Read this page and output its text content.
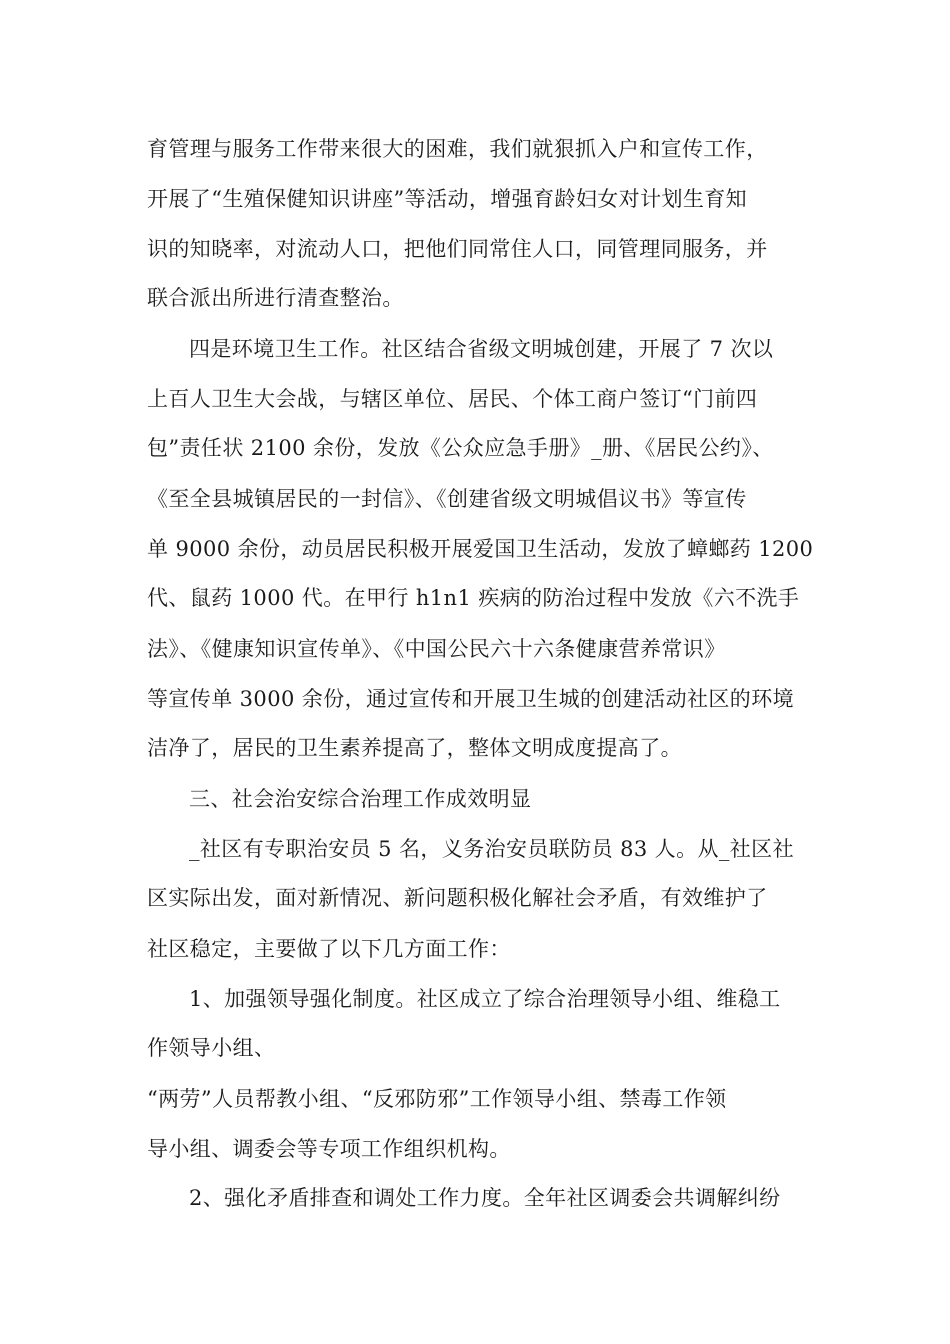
育管理与服务工作带来很大的困难，我们就狠抓入户和宣传工作，
开展了“生殖保健知识讲座”等活动，增强育龄妇女对计划生育知
识的知晓率，对流动人口，把他们同常住人口，同管理同服务，并
联合派出所进行清查整治。
四是环境卫生工作。社区结合省级文明城创建，开展了 7 次以
上百人卫生大会战，与辖区单位、居民、个体工商户签订“门前四
包”责任状 2100 余份，发放《公众应急手册》_册、《居民公约》、
《至全县城镇居民的一封信》、《创建省级文明城倡议书》等宣传
单 9000 余份，动员居民积极开展爱国卫生活动，发放了蟑螂药 1200
代、鼠药 1000 代。在甲行 h1n1 疾病的防治过程中发放《六不洗手
法》、《健康知识宣传单》、《中国公民六十六条健康营养常识》
等宣传单 3000 余份，通过宣传和开展卫生城的创建活动社区的环境
洁净了，居民的卫生素养提高了，整体文明成度提高了。
三、社会治安综合治理工作成效明显
_社区有专职治安员 5 名，义务治安员联防员 83 人。从_社区社
区实际出发，面对新情况、新问题积极化解社会矛盾，有效维护了
社区稳定，主要做了以下几方面工作：
1、加强领导强化制度。社区成立了综合治理领导小组、维稳工
作领导小组、
“两劳”人员帮教小组、“反邪防邪”工作领导小组、禁毒工作领
导小组、调委会等专项工作组织机构。
2、强化矛盾排查和调处工作力度。全年社区调委会共调解纠纷
